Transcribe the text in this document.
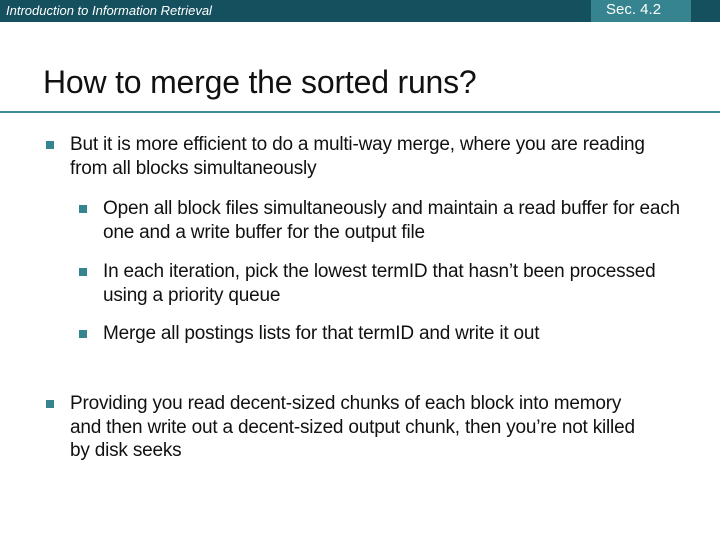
Introduction to Information Retrieval	Sec. 4.2
How to merge the sorted runs?
But it is more efficient to do a multi-way merge, where you are reading from all blocks simultaneously
Open all block files simultaneously and maintain a read buffer for each one and a write buffer for the output file
In each iteration, pick the lowest termID that hasn’t been processed using a priority queue
Merge all postings lists for that termID and write it out
Providing you read decent-sized chunks of each block into memory and then write out a decent-sized output chunk, then you’re not killed by disk seeks
